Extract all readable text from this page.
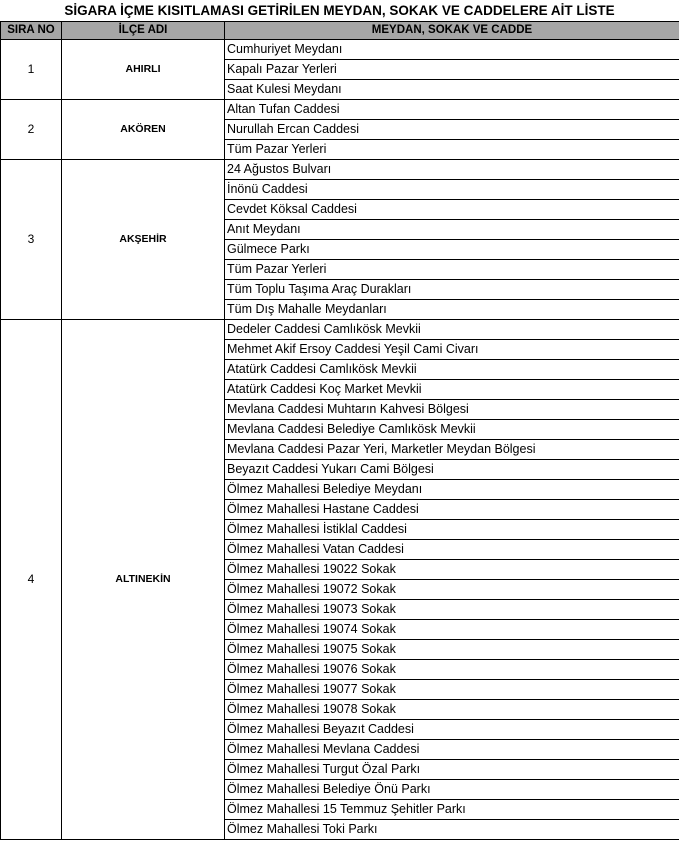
SİGARA İÇME KISITLAMASI GETİRİLEN MEYDAN, SOKAK VE CADDELERE AİT LİSTE
SIRA NO	İLÇE ADI	MEYDAN, SOKAK VE CADDE
1	AHIRLI	Cumhuriyet Meydanı
		Kapalı Pazar Yerleri
		Saat Kulesi Meydanı
2	AKÖREN	Altan Tufan Caddesi
		Nurullah Ercan Caddesi
		Tüm Pazar Yerleri
3	AKŞEHİR	24 Ağustos Bulvarı
		İnönü Caddesi
		Cevdet Köksal Caddesi
		Anıt Meydanı
		Gülmece Parkı
		Tüm Pazar Yerleri
		Tüm Toplu Taşıma Araç Durakları
		Tüm Dış Mahalle Meydanları
4	ALTINEKİN	Dedeler Caddesi Camlıkösk Mevkii
		Mehmet Akif Ersoy Caddesi Yeşil Cami Civarı
		Atatürk Caddesi Camlıkösk Mevkii
		Atatürk Caddesi Koç Market Mevkii
		Mevlana Caddesi Muhtarın Kahvesi Bölgesi
		Mevlana Caddesi Belediye Camlıkösk Mevkii
		Mevlana Caddesi Pazar Yeri, Marketler Meydan Bölgesi
		Beyazıt Caddesi Yukarı Cami Bölgesi
		Ölmez Mahallesi Belediye Meydanı
		Ölmez Mahallesi Hastane Caddesi
		Ölmez Mahallesi İstiklal Caddesi
		Ölmez Mahallesi Vatan Caddesi
		Ölmez Mahallesi 19022 Sokak
		Ölmez Mahallesi 19072 Sokak
		Ölmez Mahallesi 19073 Sokak
		Ölmez Mahallesi 19074 Sokak
		Ölmez Mahallesi 19075 Sokak
		Ölmez Mahallesi 19076 Sokak
		Ölmez Mahallesi 19077 Sokak
		Ölmez Mahallesi 19078 Sokak
		Ölmez Mahallesi Beyazıt Caddesi
		Ölmez Mahallesi Mevlana Caddesi
		Ölmez Mahallesi Turgut Özal Parkı
		Ölmez Mahallesi Belediye Önü Parkı
		Ölmez Mahallesi 15 Temmuz Şehitler Parkı
		Ölmez Mahallesi Toki Parkı
